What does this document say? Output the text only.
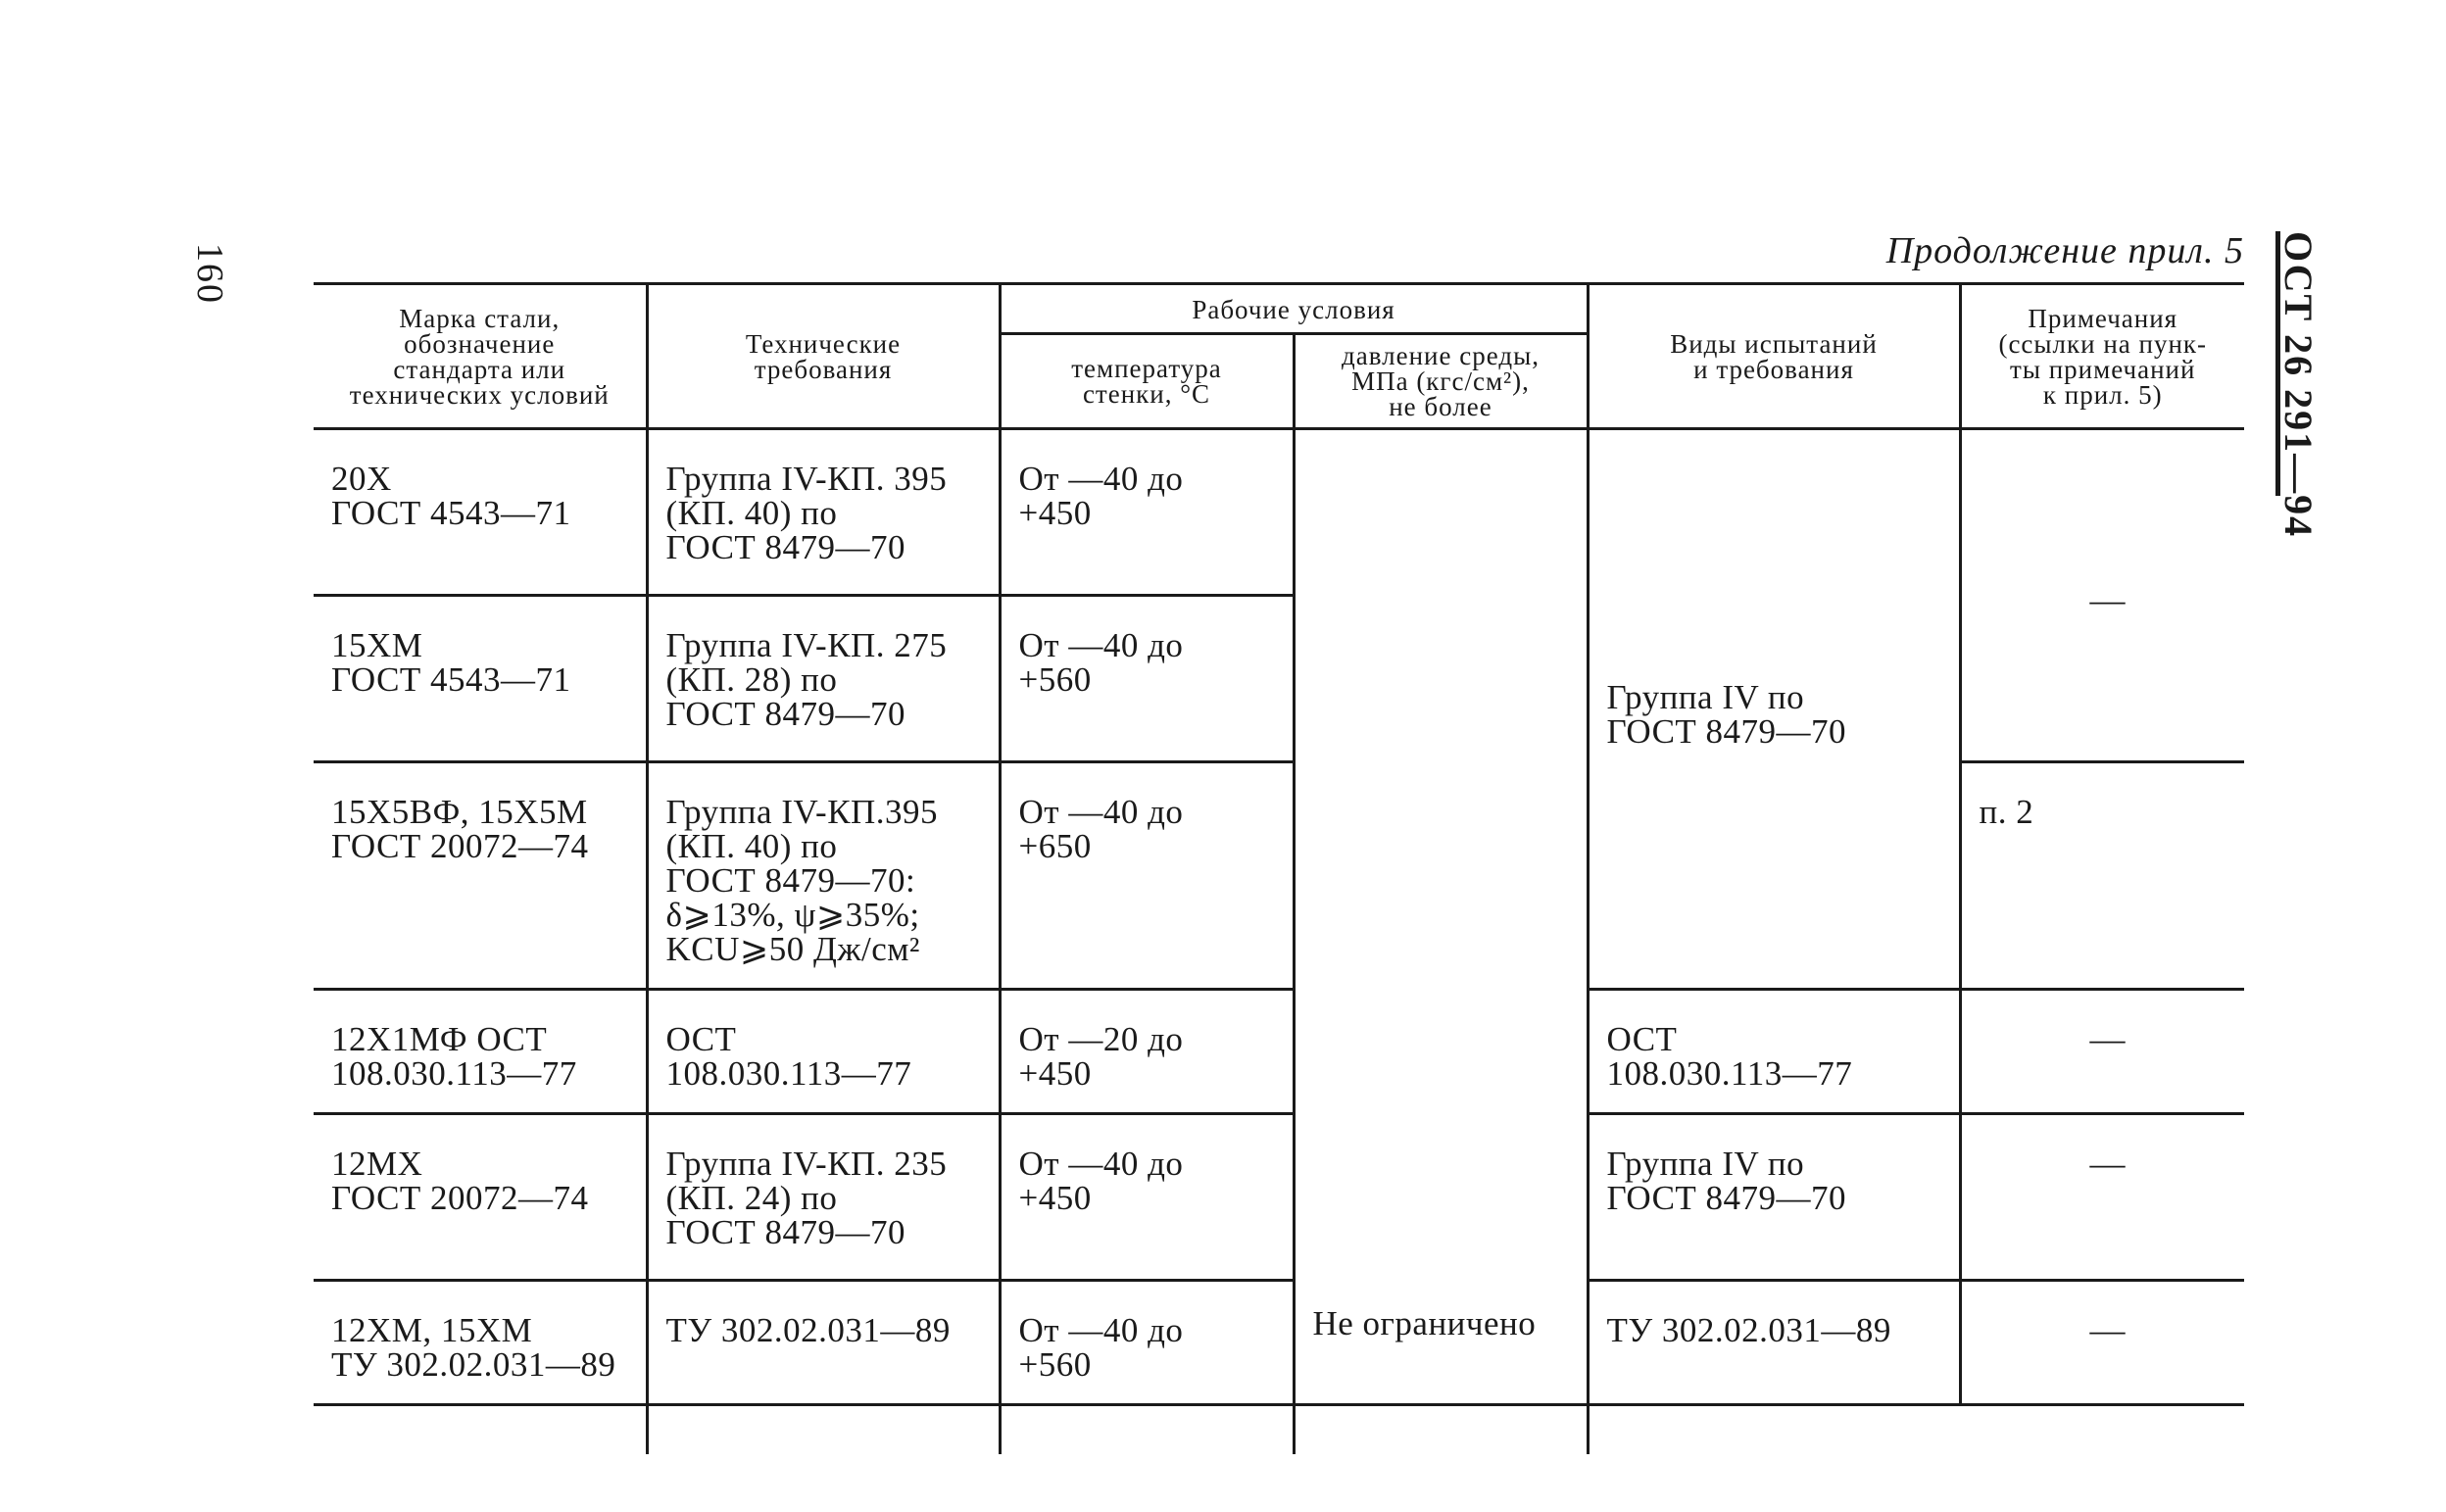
160	ОСТ 26 291—94
Продолжение прил. 5
Марка стали,
обозначение
стандарта или
технических условий	Технические
требования	Рабочие условия		Виды испытаний
и требования	Примечания
(ссылки на пунк-
ты примечаний
к прил. 5)

		температура
стенки, °С	давление среды,
МПа (кгс/см²),
не более		

20Х
ГОСТ 4543—71	Группа IV-КП. 395
(КП. 40) по
ГОСТ 8479—70	От —40 до
+450	Не ограничено	Группа IV по
ГОСТ 8479—70	—

15ХМ
ГОСТ 4543—71	Группа IV-КП. 275
(КП. 28) по
ГОСТ 8479—70	От —40 до
+560			

15Х5ВФ, 15Х5М
ГОСТ 20072—74	Группа IV-КП.395
(КП. 40) по
ГОСТ 8479—70:
δ⩾13%, ψ⩾35%;
KCU⩾50 Дж/см²	От —40 до
+650			п. 2

12Х1МФ ОСТ
108.030.113—77	ОСТ
108.030.113—77	От —20 до
+450		ОСТ
108.030.113—77	—

12МХ
ГОСТ 20072—74	Группа IV-КП. 235
(КП. 24) по
ГОСТ 8479—70	От —40 до
+450		Группа IV по
ГОСТ 8479—70	—

12ХМ, 15ХМ
ТУ 302.02.031—89	ТУ 302.02.031—89	От —40 до
+560		ТУ 302.02.031—89	—
